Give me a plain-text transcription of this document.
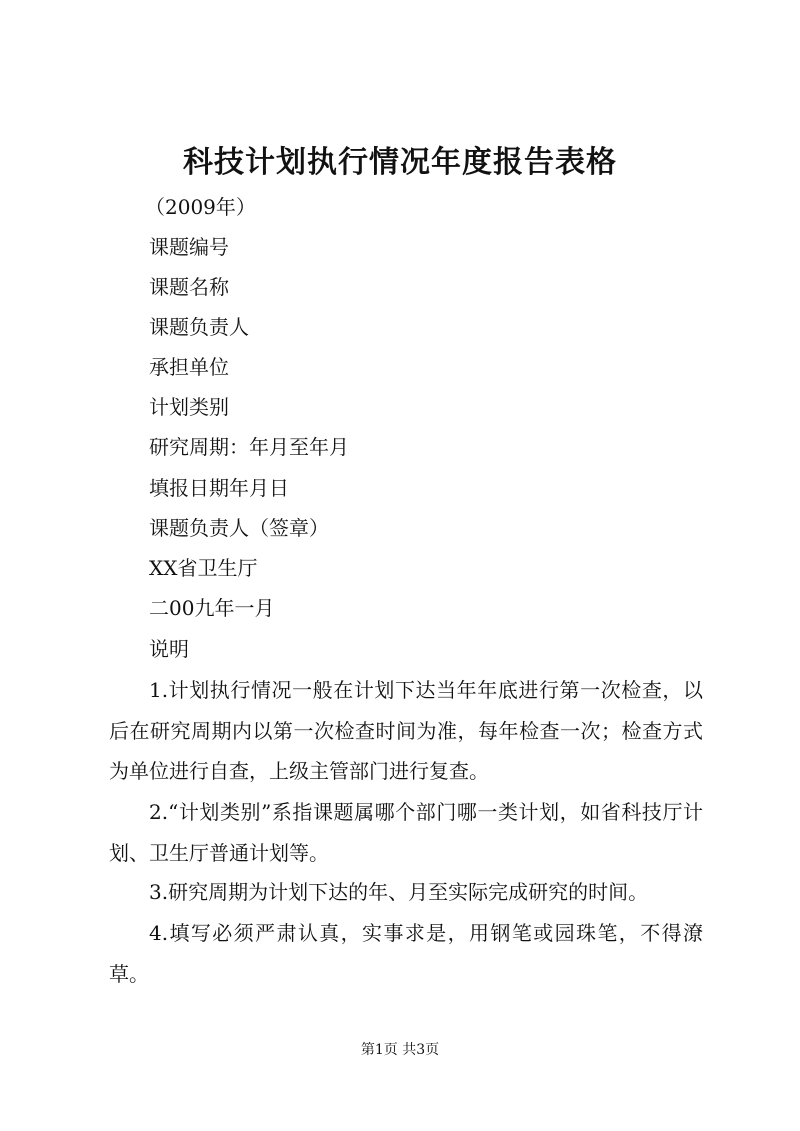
科技计划执行情况年度报告表格
（2009年）
课题编号
课题名称
课题负责人
承担单位
计划类别
研究周期：年月至年月
填报日期年月日
课题负责人（签章）
XX省卫生厅
二00九年一月
说明
1.计划执行情况一般在计划下达当年年底进行第一次检查，以后在研究周期内以第一次检查时间为准，每年检查一次；检查方式为单位进行自查，上级主管部门进行复查。
2.“计划类别”系指课题属哪个部门哪一类计划，如省科技厅计划、卫生厅普通计划等。
3.研究周期为计划下达的年、月至实际完成研究的时间。
4.填写必须严肃认真，实事求是，用钢笔或园珠笔，不得潦草。
第1页 共3页
